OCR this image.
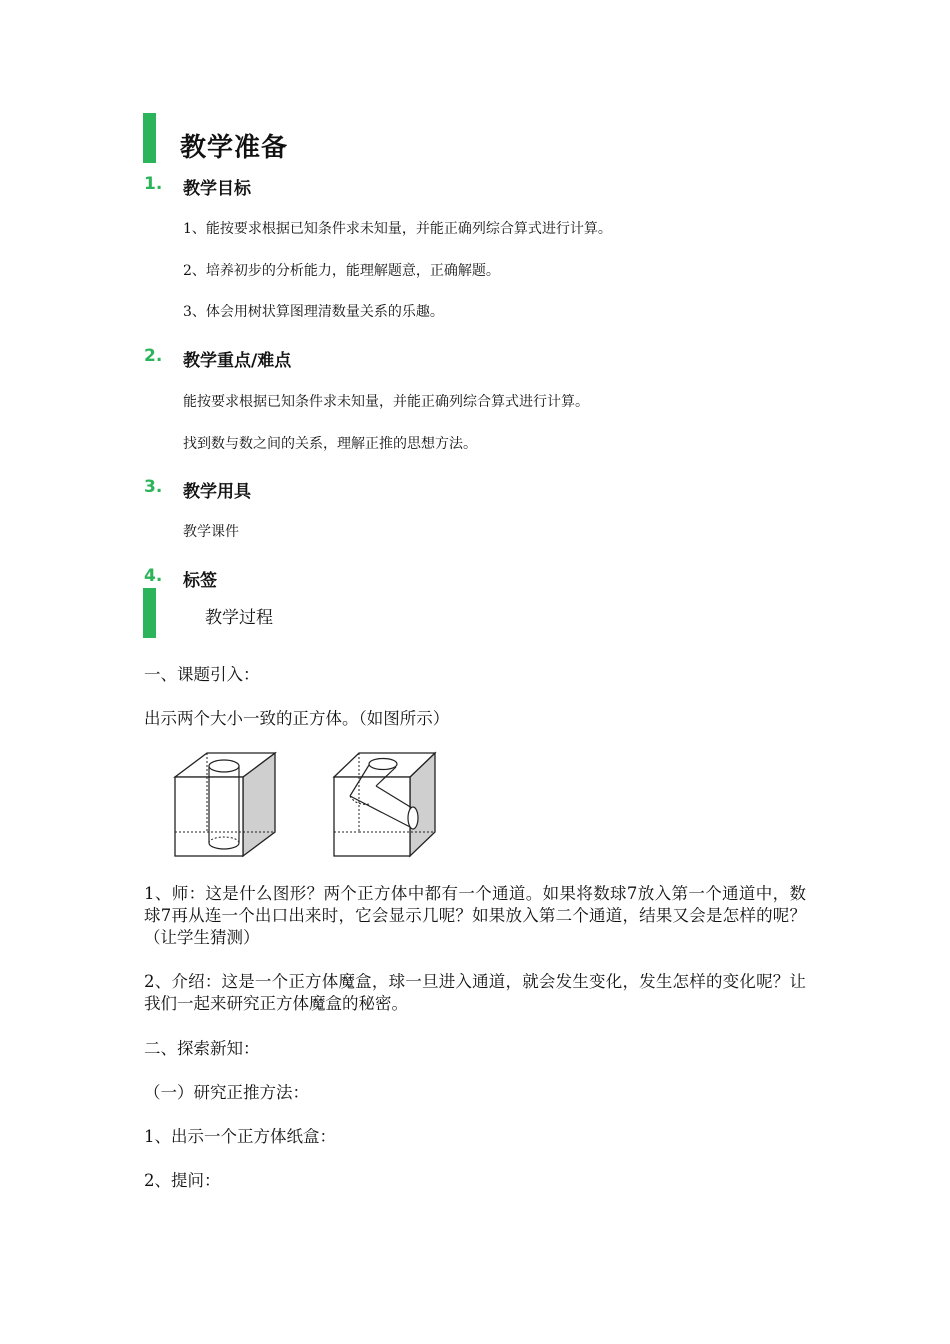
教学准备
1. 教学目标
1、能按要求根据已知条件求未知量，并能正确列综合算式进行计算。
2、培养初步的分析能力，能理解题意，正确解题。
3、体会用树状算图理清数量关系的乐趣。
2. 教学重点/难点
能按要求根据已知条件求未知量，并能正确列综合算式进行计算。
找到数与数之间的关系，理解正推的思想方法。
3. 教学用具
教学课件
4. 标签
教学过程
一、课题引入：
出示两个大小一致的正方体。（如图所示）
1、师：这是什么图形？两个正方体中都有一个通道。如果将数球7放入第一个通道中，数球7再从连一个出口出来时，它会显示几呢？如果放入第二个通道，结果又会是怎样的呢？（让学生猜测）
2、介绍：这是一个正方体魔盒，球一旦进入通道，就会发生变化，发生怎样的变化呢？让我们一起来研究正方体魔盒的秘密。
二、探索新知：
（一）研究正推方法：
1、出示一个正方体纸盒：
2、提问：
